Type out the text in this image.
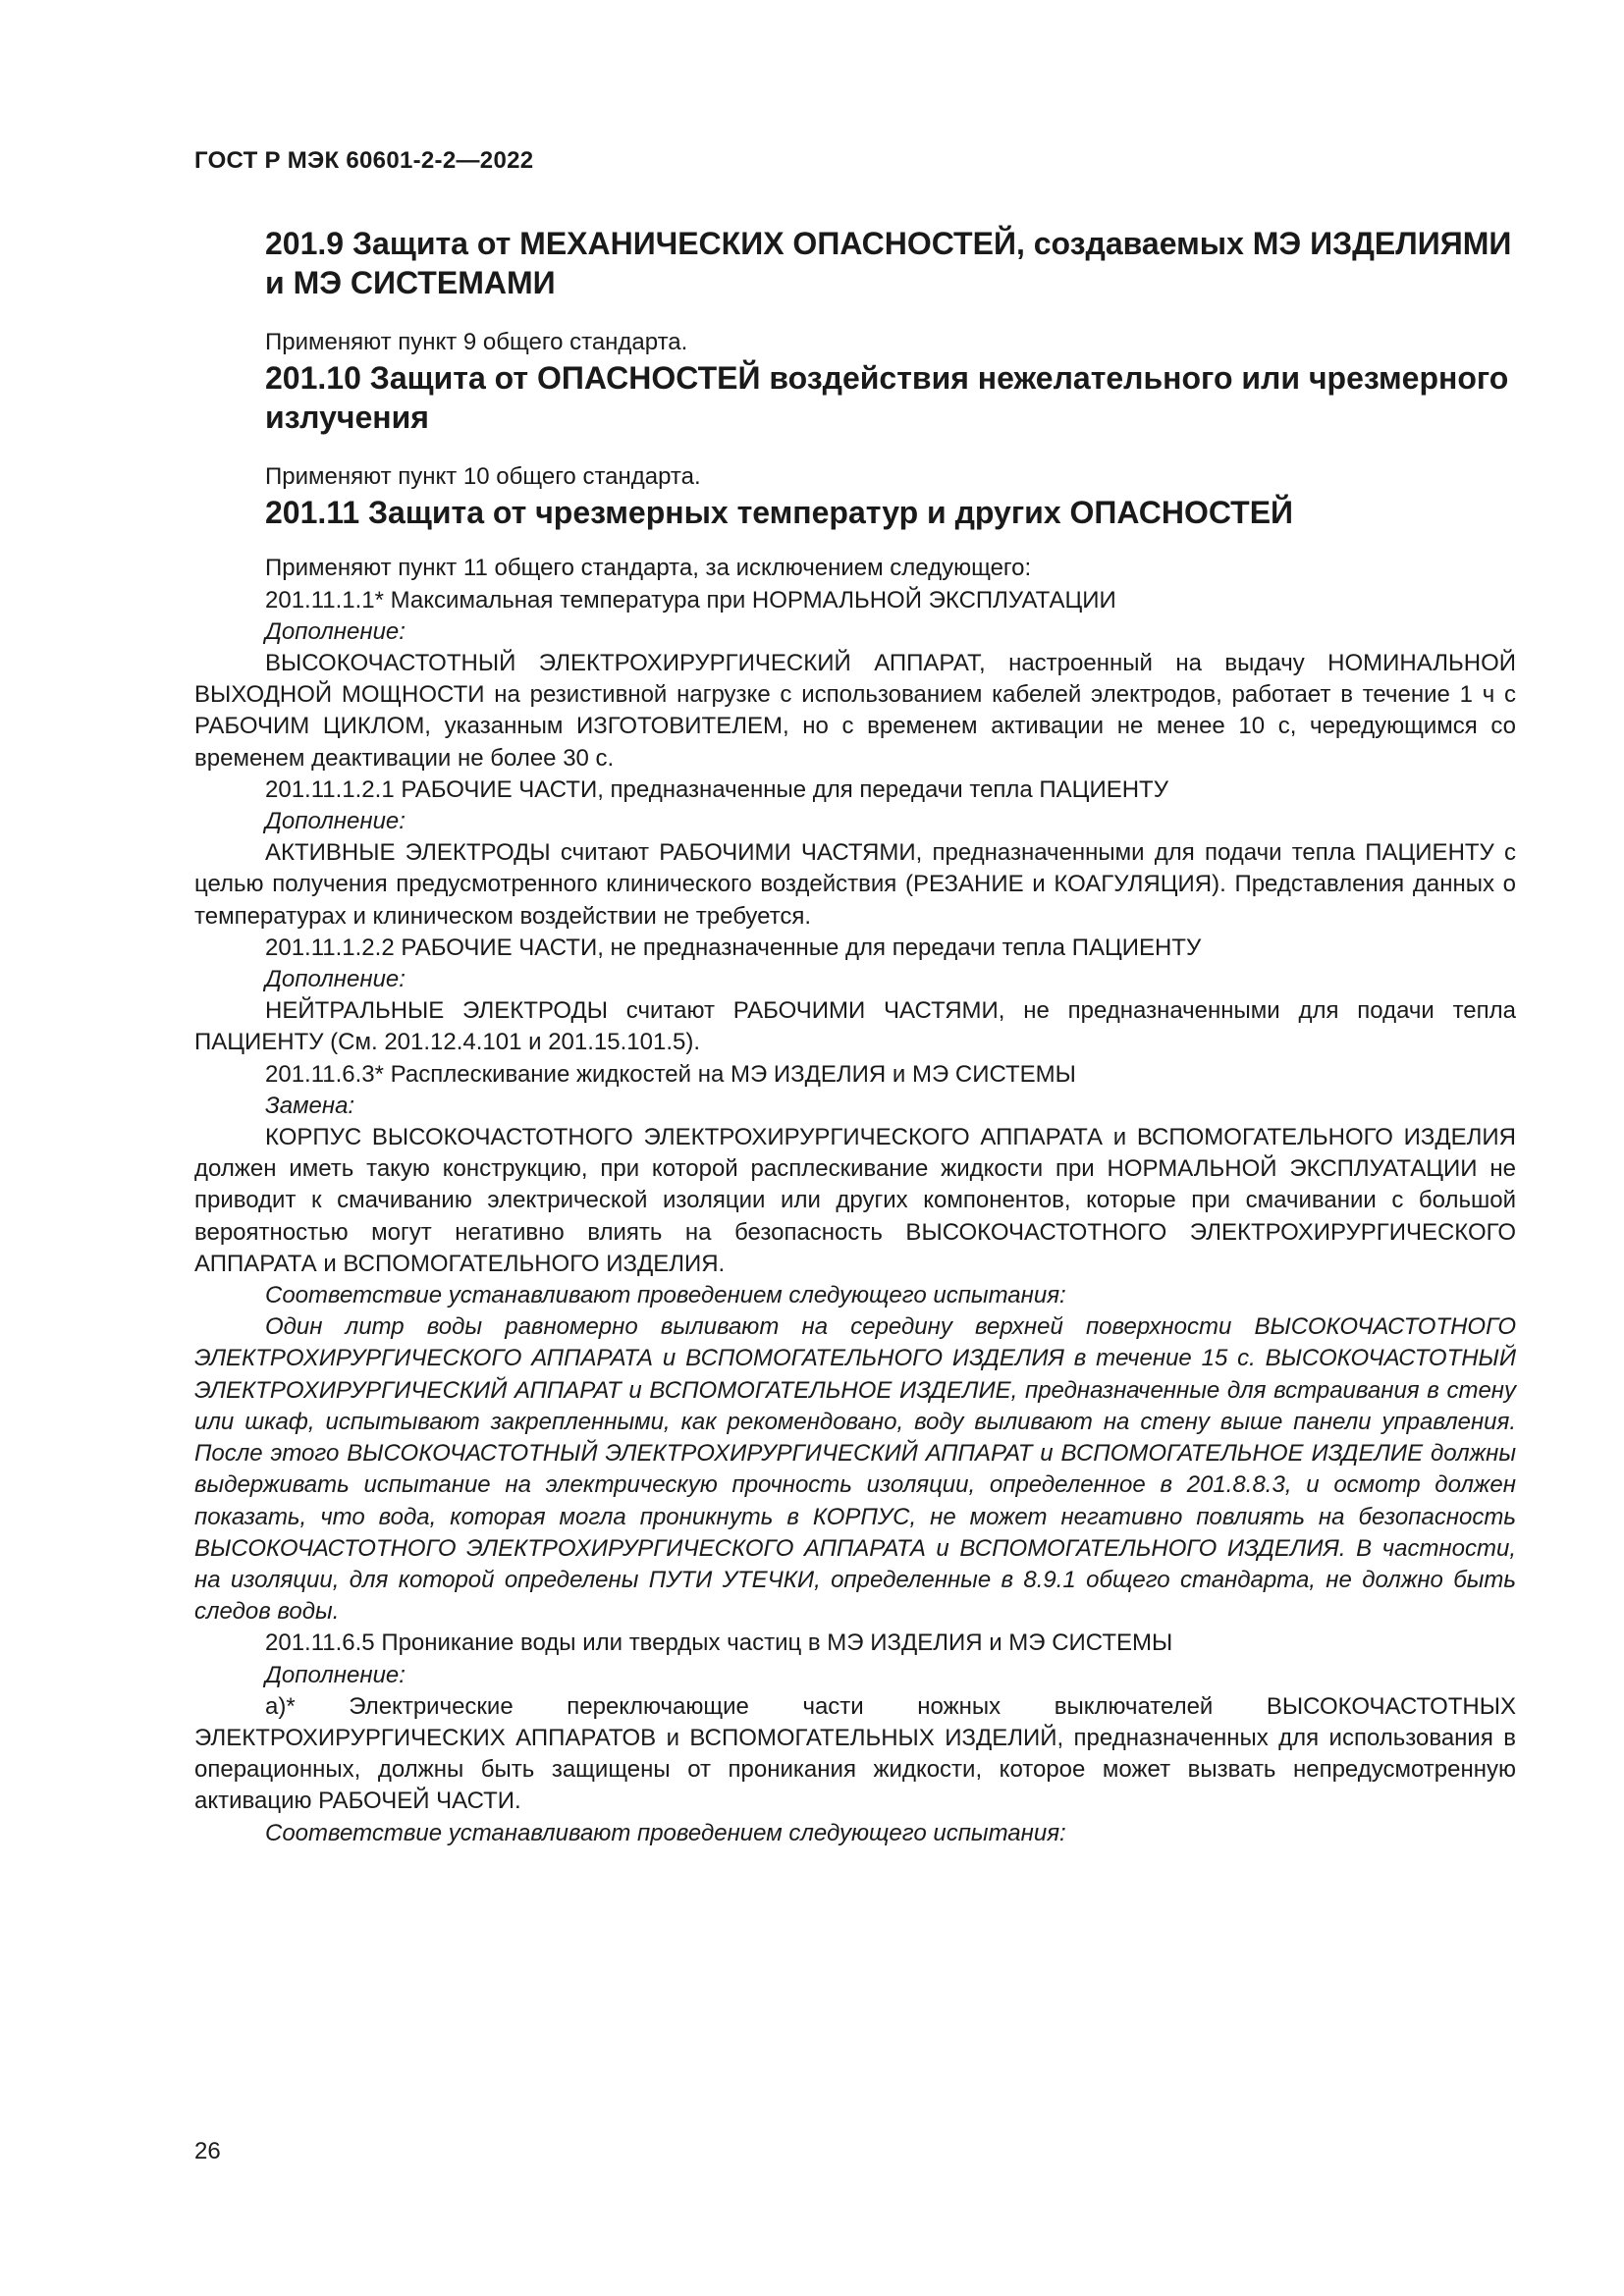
ГОСТ Р МЭК 60601-2-2—2022
201.9 Защита от МЕХАНИЧЕСКИХ ОПАСНОСТЕЙ, создаваемых МЭ ИЗДЕЛИЯМИ и МЭ СИСТЕМАМИ

Применяют пункт 9 общего стандарта.

201.10 Защита от ОПАСНОСТЕЙ воздействия нежелательного или чрезмерного излучения

Применяют пункт 10 общего стандарта.

201.11 Защита от чрезмерных температур и других ОПАСНОСТЕЙ

Применяют пункт 11 общего стандарта, за исключением следующего:

201.11.1.1* Максимальная температура при НОРМАЛЬНОЙ ЭКСПЛУАТАЦИИ

Дополнение:

ВЫСОКОЧАСТОТНЫЙ ЭЛЕКТРОХИРУРГИЧЕСКИЙ АППАРАТ, настроенный на выдачу НОМИНАЛЬНОЙ ВЫХОДНОЙ МОЩНОСТИ на резистивной нагрузке с использованием кабелей электродов, работает в течение 1 ч с РАБОЧИМ ЦИКЛОМ, указанным ИЗГОТОВИТЕЛЕМ, но с временем активации не менее 10 с, чередующимся со временем деактивации не более 30 с.

201.11.1.2.1 РАБОЧИЕ ЧАСТИ, предназначенные для передачи тепла ПАЦИЕНТУ

Дополнение:

АКТИВНЫЕ ЭЛЕКТРОДЫ считают РАБОЧИМИ ЧАСТЯМИ, предназначенными для подачи тепла ПАЦИЕНТУ с целью получения предусмотренного клинического воздействия (РЕЗАНИЕ и КОАГУЛЯЦИЯ). Представления данных о температурах и клиническом воздействии не требуется.

201.11.1.2.2 РАБОЧИЕ ЧАСТИ, не предназначенные для передачи тепла ПАЦИЕНТУ

Дополнение:

НЕЙТРАЛЬНЫЕ ЭЛЕКТРОДЫ считают РАБОЧИМИ ЧАСТЯМИ, не предназначенными для подачи тепла ПАЦИЕНТУ (См. 201.12.4.101 и 201.15.101.5).

201.11.6.3* Расплескивание жидкостей на МЭ ИЗДЕЛИЯ и МЭ СИСТЕМЫ

Замена:

КОРПУС ВЫСОКОЧАСТОТНОГО ЭЛЕКТРОХИРУРГИЧЕСКОГО АППАРАТА и ВСПОМОГАТЕЛЬНОГО ИЗДЕЛИЯ должен иметь такую конструкцию, при которой расплескивание жидкости при НОРМАЛЬНОЙ ЭКСПЛУАТАЦИИ не приводит к смачиванию электрической изоляции или других компонентов, которые при смачивании с большой вероятностью могут негативно влиять на безопасность ВЫСОКОЧАСТОТНОГО ЭЛЕКТРОХИРУРГИЧЕСКОГО АППАРАТА и ВСПОМОГАТЕЛЬНОГО ИЗДЕЛИЯ.

Соответствие устанавливают проведением следующего испытания:

Один литр воды равномерно выливают на середину верхней поверхности ВЫСОКОЧАСТОТНОГО ЭЛЕКТРОХИРУРГИЧЕСКОГО АППАРАТА и ВСПОМОГАТЕЛЬНОГО ИЗДЕЛИЯ в течение 15 с. ВЫСОКОЧАСТОТНЫЙ ЭЛЕКТРОХИРУРГИЧЕСКИЙ АППАРАТ и ВСПОМОГАТЕЛЬНОЕ ИЗДЕЛИЕ, предназначенные для встраивания в стену или шкаф, испытывают закрепленными, как рекомендовано, воду выливают на стену выше панели управления. После этого ВЫСОКОЧАСТОТНЫЙ ЭЛЕКТРОХИРУРГИЧЕСКИЙ АППАРАТ и ВСПОМОГАТЕЛЬНОЕ ИЗДЕЛИЕ должны выдерживать испытание на электрическую прочность изоляции, определенное в 201.8.8.3, и осмотр должен показать, что вода, которая могла проникнуть в КОРПУС, не может негативно повлиять на безопасность ВЫСОКОЧАСТОТНОГО ЭЛЕКТРОХИРУРГИЧЕСКОГО АППАРАТА и ВСПОМОГАТЕЛЬНОГО ИЗДЕЛИЯ. В частности, на изоляции, для которой определены ПУТИ УТЕЧКИ, определенные в 8.9.1 общего стандарта, не должно быть следов воды.

201.11.6.5 Проникание воды или твердых частиц в МЭ ИЗДЕЛИЯ и МЭ СИСТЕМЫ

Дополнение:

a)* Электрические переключающие части ножных выключателей ВЫСОКОЧАСТОТНЫХ ЭЛЕКТРОХИРУРГИЧЕСКИХ АППАРАТОВ и ВСПОМОГАТЕЛЬНЫХ ИЗДЕЛИЙ, предназначенных для использования в операционных, должны быть защищены от проникания жидкости, которое может вызвать непредусмотренную активацию РАБОЧЕЙ ЧАСТИ.

Соответствие устанавливают проведением следующего испытания:

26
